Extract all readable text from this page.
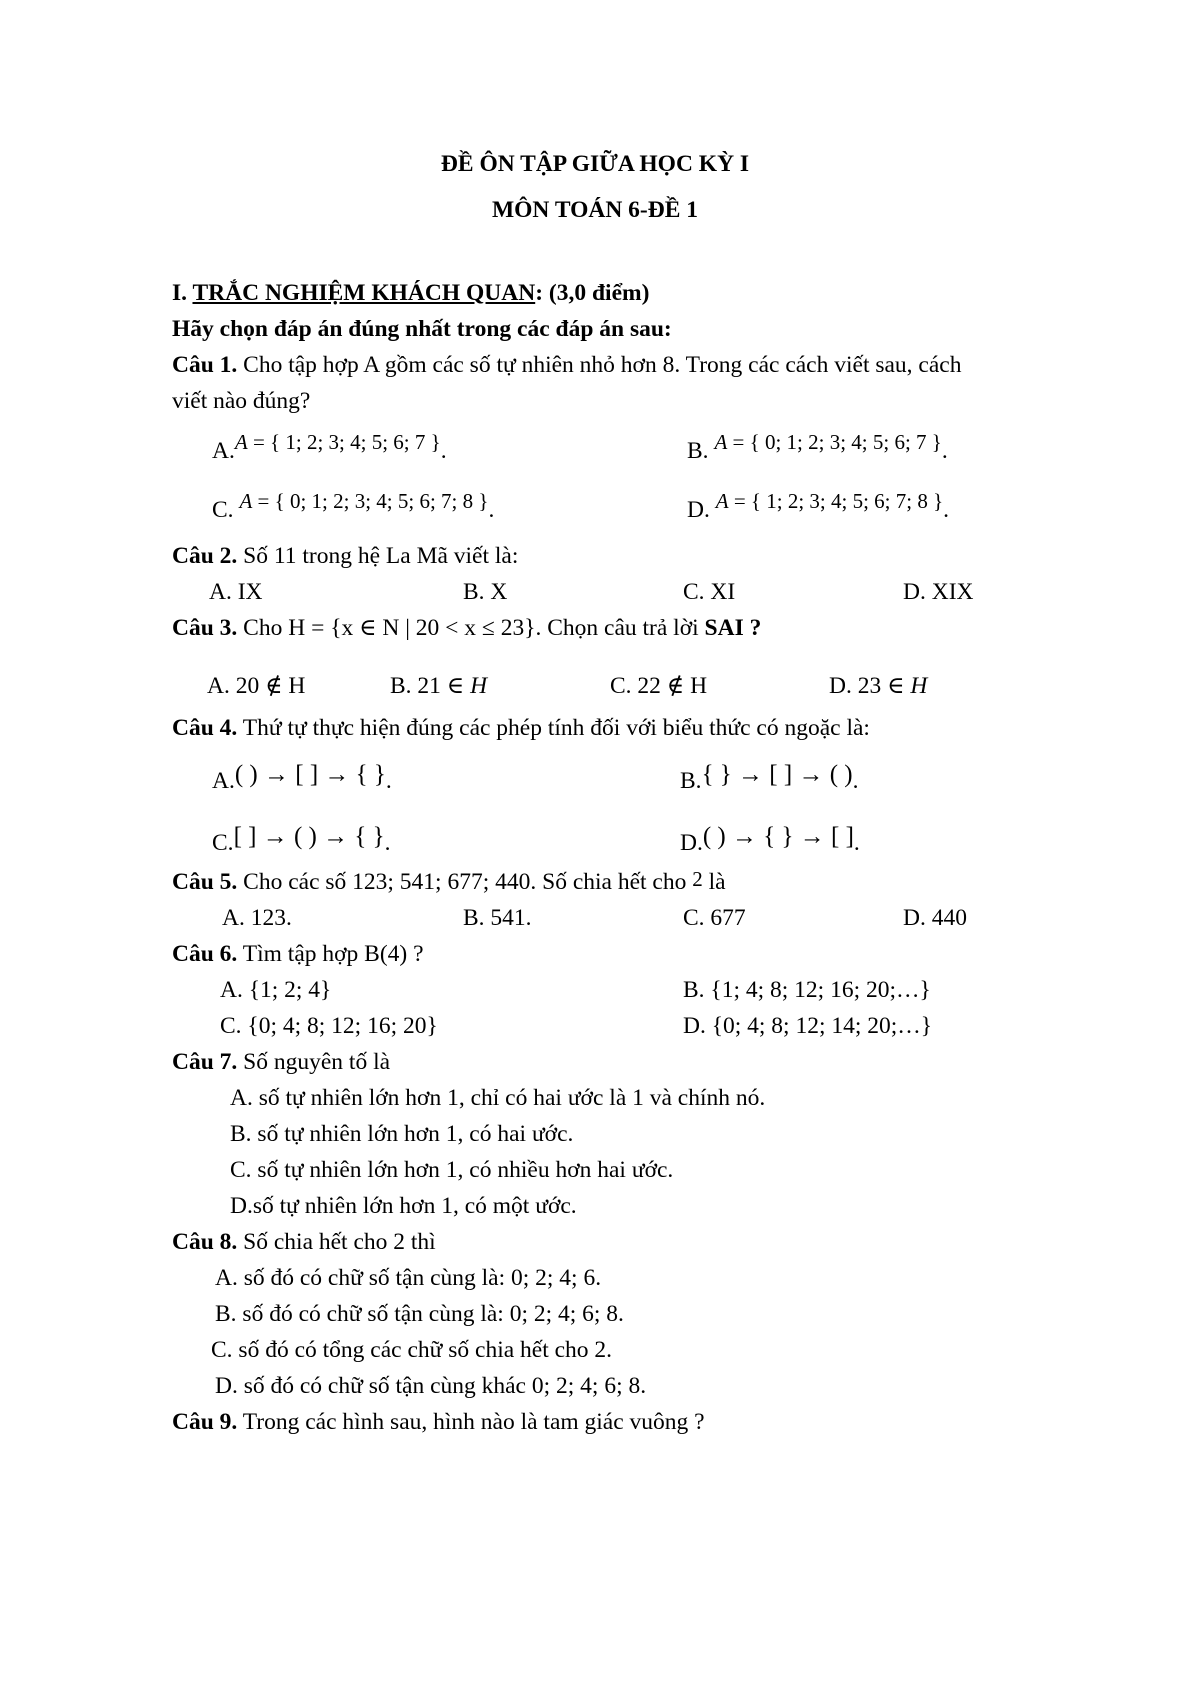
ĐỀ ÔN TẬP GIỮA HỌC KỲ I
MÔN TOÁN 6-ĐỀ 1
I. TRẮC NGHIỆM KHÁCH QUAN: (3,0 điểm)
Hãy chọn đáp án đúng nhất trong các đáp án sau:
Câu 1. Cho tập hợp A gồm các số tự nhiên nhỏ hơn 8. Trong các cách viết sau, cách
viết nào đúng?
A.A = { 1; 2; 3; 4; 5; 6; 7 }.	B. A = { 0; 1; 2; 3; 4; 5; 6; 7 }.
C. A = { 0; 1; 2; 3; 4; 5; 6; 7; 8 }.	D. A = { 1; 2; 3; 4; 5; 6; 7; 8 }.
Câu 2. Số 11 trong hệ La Mã viết là:
A. IX	B. X	C. XI	D. XIX
Câu 3. Cho H = {x ∈ N | 20 < x ≤ 23}. Chọn câu trả lời SAI ?
A. 20 ∉ H	B. 21 ∈ H	C. 22 ∉ H	D. 23 ∈ H
Câu 4. Thứ tự thực hiện đúng các phép tính đối với biểu thức có ngoặc là:
A.( ) → [ ] → { }.	B.{ } → [ ] → ( ).
C.[ ] → ( ) → { }.	D.( ) → { } → [ ].
Câu 5. Cho các số 123; 541; 677; 440. Số chia hết cho 2 là
A. 123.	B. 541.	C. 677	D. 440
Câu 6. Tìm tập hợp B(4) ?
A. {1; 2; 4}	B. {1; 4; 8; 12; 16; 20;…}
C. {0; 4; 8; 12; 16; 20}	D. {0; 4; 8; 12; 14; 20;…}
Câu 7. Số nguyên tố là
A. số tự nhiên lớn hơn 1, chỉ có hai ước là 1 và chính nó.
B. số tự nhiên lớn hơn 1, có hai ước.
C. số tự nhiên lớn hơn 1, có nhiều hơn hai ước.
D.số tự nhiên lớn hơn 1, có một ước.
Câu 8. Số chia hết cho 2 thì
A. số đó có chữ số tận cùng là: 0; 2; 4; 6.
B. số đó có chữ số tận cùng là: 0; 2; 4; 6; 8.
C. số đó có tổng các chữ số chia hết cho 2.
D. số đó có chữ số tận cùng khác 0; 2; 4; 6; 8.
Câu 9. Trong các hình sau, hình nào là tam giác vuông ?
